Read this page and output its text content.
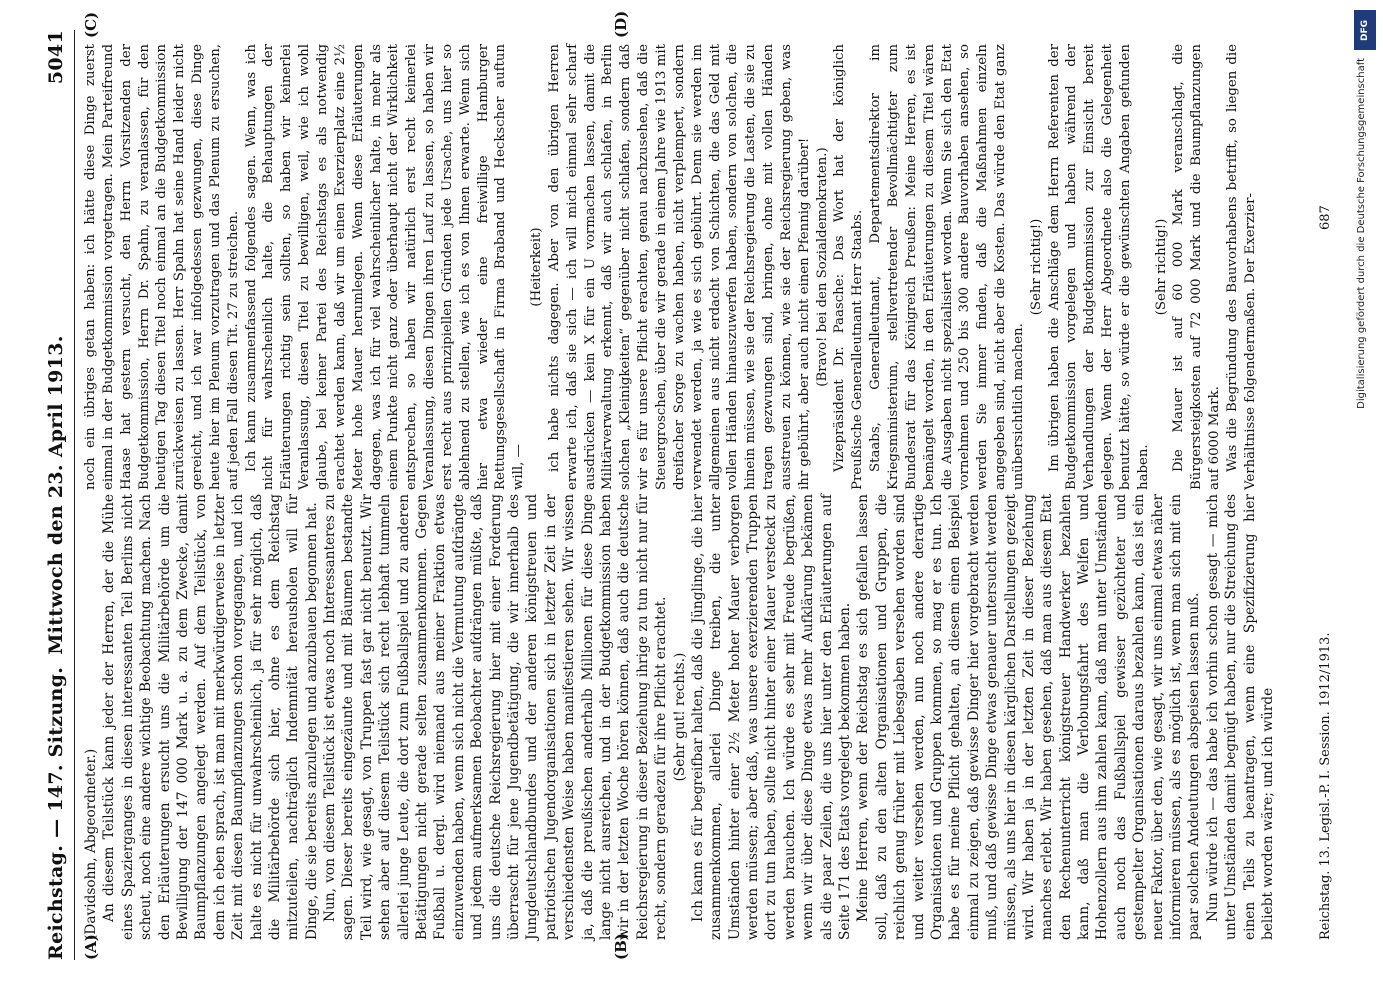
Reichstag. — 147. Sitzung.
Mittwoch den 23. April 1913.
5041
(A)	(B)
(C)	(D)

(Davidsohn, Abgeordneter.) An diesem Teilstück kann jeder der Herren, der die Mühe eines Spazierganges in diesen interessanten Teil Berlins nicht scheut, noch eine andere wichtige Beobachtung machen. Nach den Erläuterungen ersucht uns die Militärbehörde um die Bewilligung der 147 000 Mark u. a. zu dem Zwecke, damit Baumpflanzungen angelegt werden. Auf dem Teilstück, von dem ich eben sprach, ist man mit merkwürdigerweise in letzter Zeit mit diesen Baumpflanzungen schon vorgegangen, und ich halte es nicht für unwahrscheinlich, ja für sehr möglich, daß die Militärbehörde sich hier, ohne es dem Reichstag mitzuteilen, nachträglich Indemnität herausholen will für Dinge, die sie bereits anzulegen und anzubauen begonnen hat. Nun, von diesem Teilstück ist etwas noch Interessanteres zu sagen. Dieser bereits eingezäunte und mit Bäumen bestandte Teil wird, wie gesagt, von Truppen fast gar nicht benutzt. Wir sehen aber auf diesem Teilstück sich recht lebhaft tummeln allerlei junge Leute, die dort zum Fußballspiel und zu anderen Betätigungen nicht gerade selten zusammenkommen. Gegen Fußball u. dergl. wird niemand aus meiner Fraktion etwas einzuwenden haben, wenn sich nicht die Vermutung aufdrängte und jedem aufmerksamen Beobachter aufdrängen müßte, daß uns die deutsche Reichsregierung hier mit einer Forderung überrascht für jene Jugendbetätigung, die wir innerhalb des Jungdeutschlandbundes und der anderen königstreuen und patriotischen Jugendorganisationen sich in letzter Zeit in der verschiedensten Weise haben manifestieren sehen. Wir wissen ja, daß die preußischen anderhalb Millionen für diese Dinge lange nicht ausreichen, und in der Budgetkommission haben wir in der letzten Woche hören können, daß auch die deutsche Reichsregierung in dieser Beziehung ihrige zu tun nicht nur für recht, sondern geradezu für ihre Pflicht erachtet. (Sehr gut! rechts.) Ich kann es für begreifbar halten, daß die Jünglinge, die hier zusammenkommen, allerlei Dinge treiben, die unter Umständen hinter einer 2½ Meter hoher Mauer verborgen werden müssen; aber daß, was unsere exerzierenden Truppen dort zu tun haben, sollte nicht hinter einer Mauer versteckt zu werden brauchen. Ich würde es sehr mit Freude begrüßen, wenn wir über diese Dinge etwas mehr Aufklärung bekämen als die paar Zeilen, die uns hier unter den Erläuterungen auf Seite 171 des Etats vorgelegt bekommen haben. Meine Herren, wenn der Reichstag es sich gefallen lassen soll, daß zu den alten Organisationen und Gruppen, die reichlich genug früher mit Liebesgaben versehen worden sind und weiter versehen werden, nun noch andere derartige Organisationen und Gruppen kommen, so mag er es tun. Ich habe es für meine Pflicht gehalten, an diesem einen Beispiel einmal zu zeigen, daß gewisse Dinger hier vorgebracht werden muß, und daß gewisse Dinge etwas genauer untersucht werden müssen, als uns hier in diesen kärglichen Darstellungen gezeigt wird. Wir haben ja in der letzten Zeit in dieser Beziehung manches erlebt. Wir haben gesehen, daß man aus diesem Etat den Rechenunterricht königstreuer Handwerker bezahlen kann, daß man die Verlobungsfahrt des Welfen und Hohenzollern aus ihm zahlen kann, daß man unter Umständen auch noch das Fußballspiel gewisser gezüchteter und gestempelter Organisationen daraus bezahlen kann, das ist ein neuer Faktor, über den, wie gesagt, wir uns einmal etwas näher informieren müssen, als es möglich ist, wenn man sich mit ein paar solchen Andeutungen abspeisen lassen muß. Nun würde ich — das habe ich vorhin schon gesagt — mich unter Umständen damit begnügt haben, nur die Streichung des einen Teils zu beantragen, wenn eine Spezifizierung hier beliebt worden wäre; und ich würde

noch ein übriges getan haben: ich hätte diese Dinge zuerst einmal in der Budgetkommission vorgetragen. Mein Parteifreund Haase hat gestern versucht, den Herrn Vorsitzenden der Budgetkommission, Herrn Dr. Spahn, zu veranlassen, für den heutigen Tag diesen Titel noch einmal an die Budgetkommission zurückweisen zu lassen. Herr Spahn hat seine Hand leider nicht gereicht, und ich war infolgedessen gezwungen, diese Dinge heute hier im Plenum vorzutragen und das Plenum zu ersuchen, auf jeden Fall diesen Tit. 27 zu streichen. Ich kann zusammenfassend folgendes sagen. Wenn, was ich nicht für wahrscheinlich halte, die Behauptungen der Erläuterungen richtig sein sollten, so haben wir keinerlei Veranlassung, diesen Titel zu bewilligen, weil, wie ich wohl glaube, bei keiner Partei des Reichstags es als notwendig erachtet werden kann, daß wir um einen Exerzierplatz eine 2½ Meter hohe Mauer herumlegen. Wenn diese Erläuterungen dagegen, was ich für viel wahrscheinlicher halte, in mehr als einem Punkte nicht ganz oder überhaupt nicht der Wirklichkeit entsprechen, so haben wir natürlich erst recht keinerlei Veranlassung, diesen Dingen ihren Lauf zu lassen, so haben wir erst recht aus prinzipiellen Gründen jede Ursache, uns hier so ablehnend zu stellen, wie ich es von Ihnen erwarte. Wenn sich hier etwa wieder eine freiwillige Hamburger Rettungsgesellschaft in Firma Braband und Heckscher auftun will, —

(Heiterkeit) ich habe nichts dagegen. Aber von den übrigen Herren erwarte ich, daß sie sich — ich will mich einmal sehr scharf ausdrücken — kein X für ein U vormachen lassen, damit die Militärverwaltung erkennt, daß wir auch schlafen, in Berlin solchen „Kleinigkeiten“ gegenüber nicht schlafen, sondern daß wir es für unsere Pflicht erachten, genau nachzusehen, daß die Steuergroschen, über die wir gerade in einem Jahre wie 1913 mit dreifacher Sorge zu wachen haben, nicht verplempert, sondern verwendet werden, ja wie es sich gebührt. Denn sie werden im allgemeinen aus nicht erdacht von Schichten, die das Geld mit vollen Händen hinauszuwerfen haben, sondern von solchen, die hinein müssen, wie sie der Reichsregierung die Lasten, die sie zu tragen gezwungen sind, bringen, ohne mit vollen Händen ausstreuen zu können, wie sie der Reichsregierung geben, was ihr gebührt, aber auch nicht einen Pfennig darüber! (Bravo! bei den Sozialdemokraten.) Vizepräsident Dr. Paasche: Das Wort hat der königlich Preußische Generalleutnant Herr Staabs. Staabs, Generalleutnant, Departementsdirektor im Kriegsministerium, stellvertretender Bevollmächtigter zum Bundesrat für das Königreich Preußen: Meine Herren, es ist bemängelt worden, in den Erläuterungen zu diesem Titel wären die Ausgaben nicht spezialisiert worden. Wenn Sie sich den Etat vornehmen und 250 bis 300 andere Bauvorhaben ansehen, so werden Sie immer finden, daß die Maßnahmen einzeln angegeben sind, nicht aber die Kosten. Das würde den Etat ganz unübersichtlich machen.

(Sehr richtig!) Im übrigen haben die Anschläge dem Herrn Referenten der Budgetkommission vorgelegen und haben während der Verhandlungen der Budgetkommission zur Einsicht bereit gelegen. Wenn der Herr Abgeordnete also die Gelegenheit benutzt hätte, so würde er die gewünschten Angaben gefunden haben.

(Sehr richtig!) Die Mauer ist auf 60 000 Mark veranschlagt, die Bürgersteigkosten auf 72 000 Mark und die Baumpflanzungen auf 6000 Mark. Was die Begründung des Bauvorhabens betrifft, so liegen die Verhältnisse folgendermaßen. Der Exerzier-

Reichstag. 13. Legisl.-P. I. Session. 1912/1913.
687
DFG
Digitalisierung gefördert durch die Deutsche Forschungsgemeinschaft
